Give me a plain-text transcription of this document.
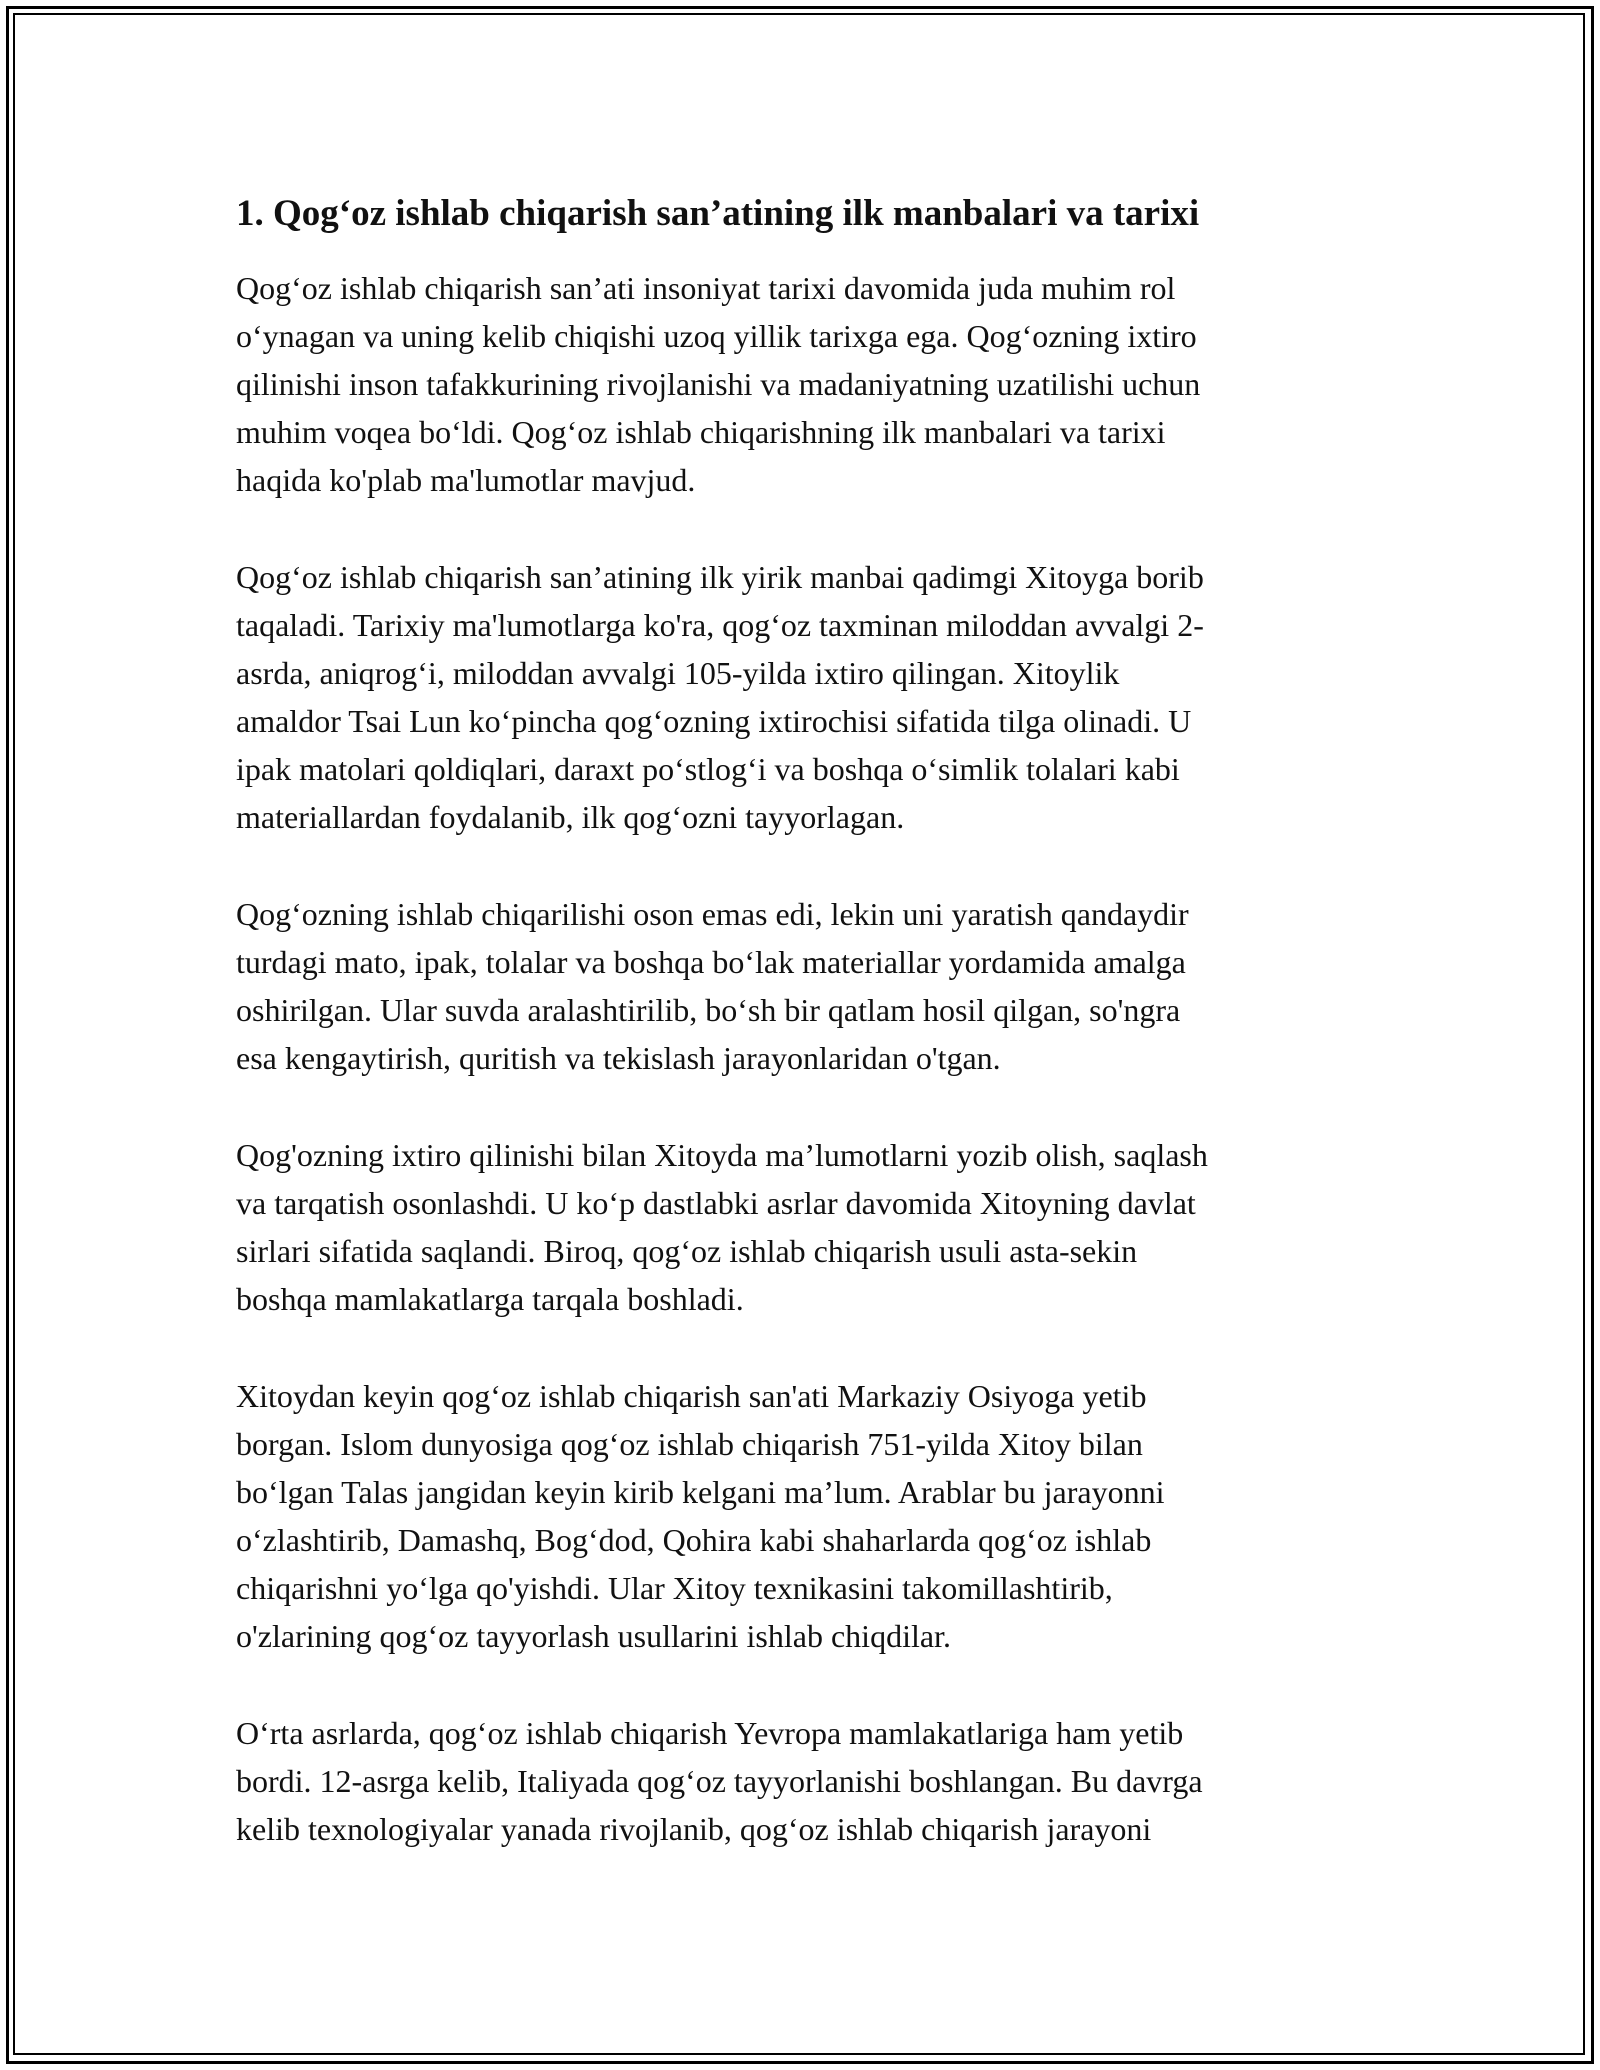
1. Qog‘oz ishlab chiqarish san’atining ilk manbalari va tarixi
Qog‘oz ishlab chiqarish san’ati insoniyat tarixi davomida juda muhim rol
o‘ynagan va uning kelib chiqishi uzoq yillik tarixga ega. Qog‘ozning ixtiro
qilinishi inson tafakkurining rivojlanishi va madaniyatning uzatilishi uchun
muhim voqea bo‘ldi. Qog‘oz ishlab chiqarishning ilk manbalari va tarixi
haqida ko'plab ma'lumotlar mavjud.
Qog‘oz ishlab chiqarish san’atining ilk yirik manbai qadimgi Xitoyga borib
taqaladi. Tarixiy ma'lumotlarga ko'ra, qog‘oz taxminan miloddan avvalgi 2-
asrda, aniqrog‘i, miloddan avvalgi 105-yilda ixtiro qilingan. Xitoylik
amaldor Tsai Lun ko‘pincha qog‘ozning ixtirochisi sifatida tilga olinadi. U
ipak matolari qoldiqlari, daraxt po‘stlog‘i va boshqa o‘simlik tolalari kabi
materiallardan foydalanib, ilk qog‘ozni tayyorlagan.
Qog‘ozning ishlab chiqarilishi oson emas edi, lekin uni yaratish qandaydir
turdagi mato, ipak, tolalar va boshqa bo‘lak materiallar yordamida amalga
oshirilgan. Ular suvda aralashtirilib, bo‘sh bir qatlam hosil qilgan, so'ngra
esa kengaytirish, quritish va tekislash jarayonlaridan o'tgan.
Qog'ozning ixtiro qilinishi bilan Xitoyda ma’lumotlarni yozib olish, saqlash
va tarqatish osonlashdi. U ko‘p dastlabki asrlar davomida Xitoyning davlat
sirlari sifatida saqlandi. Biroq, qog‘oz ishlab chiqarish usuli asta-sekin
boshqa mamlakatlarga tarqala boshladi.
Xitoydan keyin qog‘oz ishlab chiqarish san'ati Markaziy Osiyoga yetib
borgan. Islom dunyosiga qog‘oz ishlab chiqarish 751-yilda Xitoy bilan
bo‘lgan Talas jangidan keyin kirib kelgani ma’lum. Arablar bu jarayonni
o‘zlashtirib, Damashq, Bog‘dod, Qohira kabi shaharlarda qog‘oz ishlab
chiqarishni yo‘lga qo'yishdi. Ular Xitoy texnikasini takomillashtirib,
o'zlarining qog‘oz tayyorlash usullarini ishlab chiqdilar.
O‘rta asrlarda, qog‘oz ishlab chiqarish Yevropa mamlakatlariga ham yetib
bordi. 12-asrga kelib, Italiyada qog‘oz tayyorlanishi boshlangan. Bu davrga
kelib texnologiyalar yanada rivojlanib, qog‘oz ishlab chiqarish jarayoni
